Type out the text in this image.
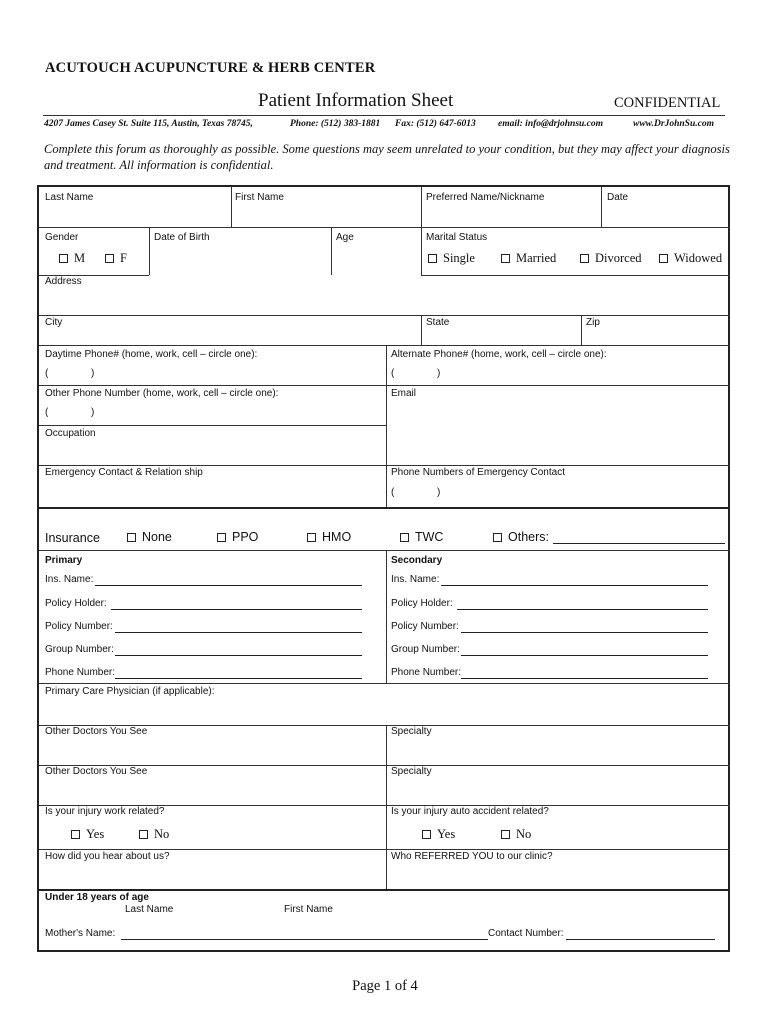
ACUTOUCH ACUPUNCTURE & HERB CENTER
Patient Information Sheet	CONFIDENTIAL
4207 James Casey St. Suite 115, Austin, Texas 78745,	Phone: (512) 383-1881 Fax: (512) 647-6013 email: info@drjohnsu.com	www.DrJohnSu.com
Complete this forum as thoroughly as possible. Some questions may seem unrelated to your condition, but they may affect your diagnosis and treatment. All information is confidential.
Last Name	First Name	Preferred Name/Nickname	Date
Gender	Date of Birth	Age	Marital Status
M	F	Single	Married	Divorced	Widowed
Address
City	State	Zip
Daytime Phone# (home, work, cell – circle one):	Alternate Phone# (home, work, cell – circle one):
(	)	(	)
Other Phone Number (home, work, cell – circle one):	Email
(	)
Occupation
Emergency Contact & Relation ship	Phone Numbers of Emergency Contact
(	)
Insurance	None	PPO	HMO	TWC	Others:
Primary	Secondary
Ins. Name:	Ins. Name:
Policy Holder:	Policy Holder:
Policy Number:	Policy Number:
Group Number:	Group Number:
Phone Number:	Phone Number:
Primary Care Physician (if applicable):
Other Doctors You See	Specialty
Other Doctors You See	Specialty
Is your injury work related?	Is your injury auto accident related?
Yes	No	Yes	No
How did you hear about us?	Who REFERRED YOU to our clinic?
Under 18 years of age
Last Name	First Name
Mother's Name:	Contact Number:
Page 1 of 4
